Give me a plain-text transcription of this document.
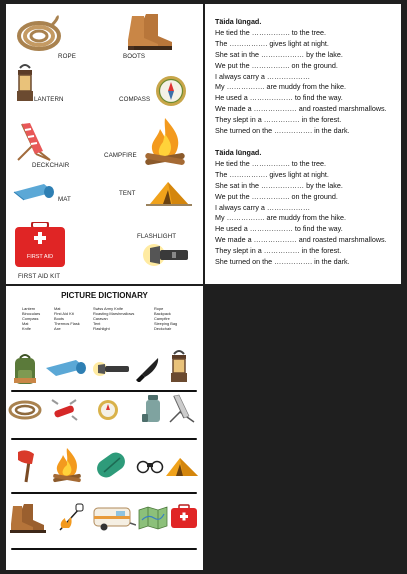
ROPE	BOOTS
LANTERN	COMPASS
DECKCHAIR
CAMPFIRE
MAT
TENT
FIRST AID
FIRST AID KIT
FLASHLIGHT
Täida lüngad.
He tied the ……………. to the tree.
The ……………. gives light at night.
She sat in the ……………… by the lake.
We put the ……………. on the ground.
I always carry a ………………
My ……………. are muddy from the hike.
He used a ……………… to find the way.
We made a ……………… and roasted marshmallows.
They slept in a …………… in the forest.
She turned on the ……………. in the dark.
Täida lüngad.
He tied the ……………. to the tree.
The ……………. gives light at night.
She sat in the ……………… by the lake.
We put the ……………. on the ground.
I always carry a ………………
My ……………. are muddy from the hike.
He used a ……………… to find the way.
We made a ……………… and roasted marshmallows.
They slept in a …………… in the forest.
She turned on the ……………. in the dark.
PICTURE DICTIONARY
Lantern
Binoculars
Compass
Mat
Knife
Mat
First Aid Kit
Boots
Thermos Flask
Axe
Swiss Army Knife
Roasting Marshmallows
Caravan
Tent
Flashlight
Rope
Backpack
Campfire
Sleeping Bag
Deckchair
